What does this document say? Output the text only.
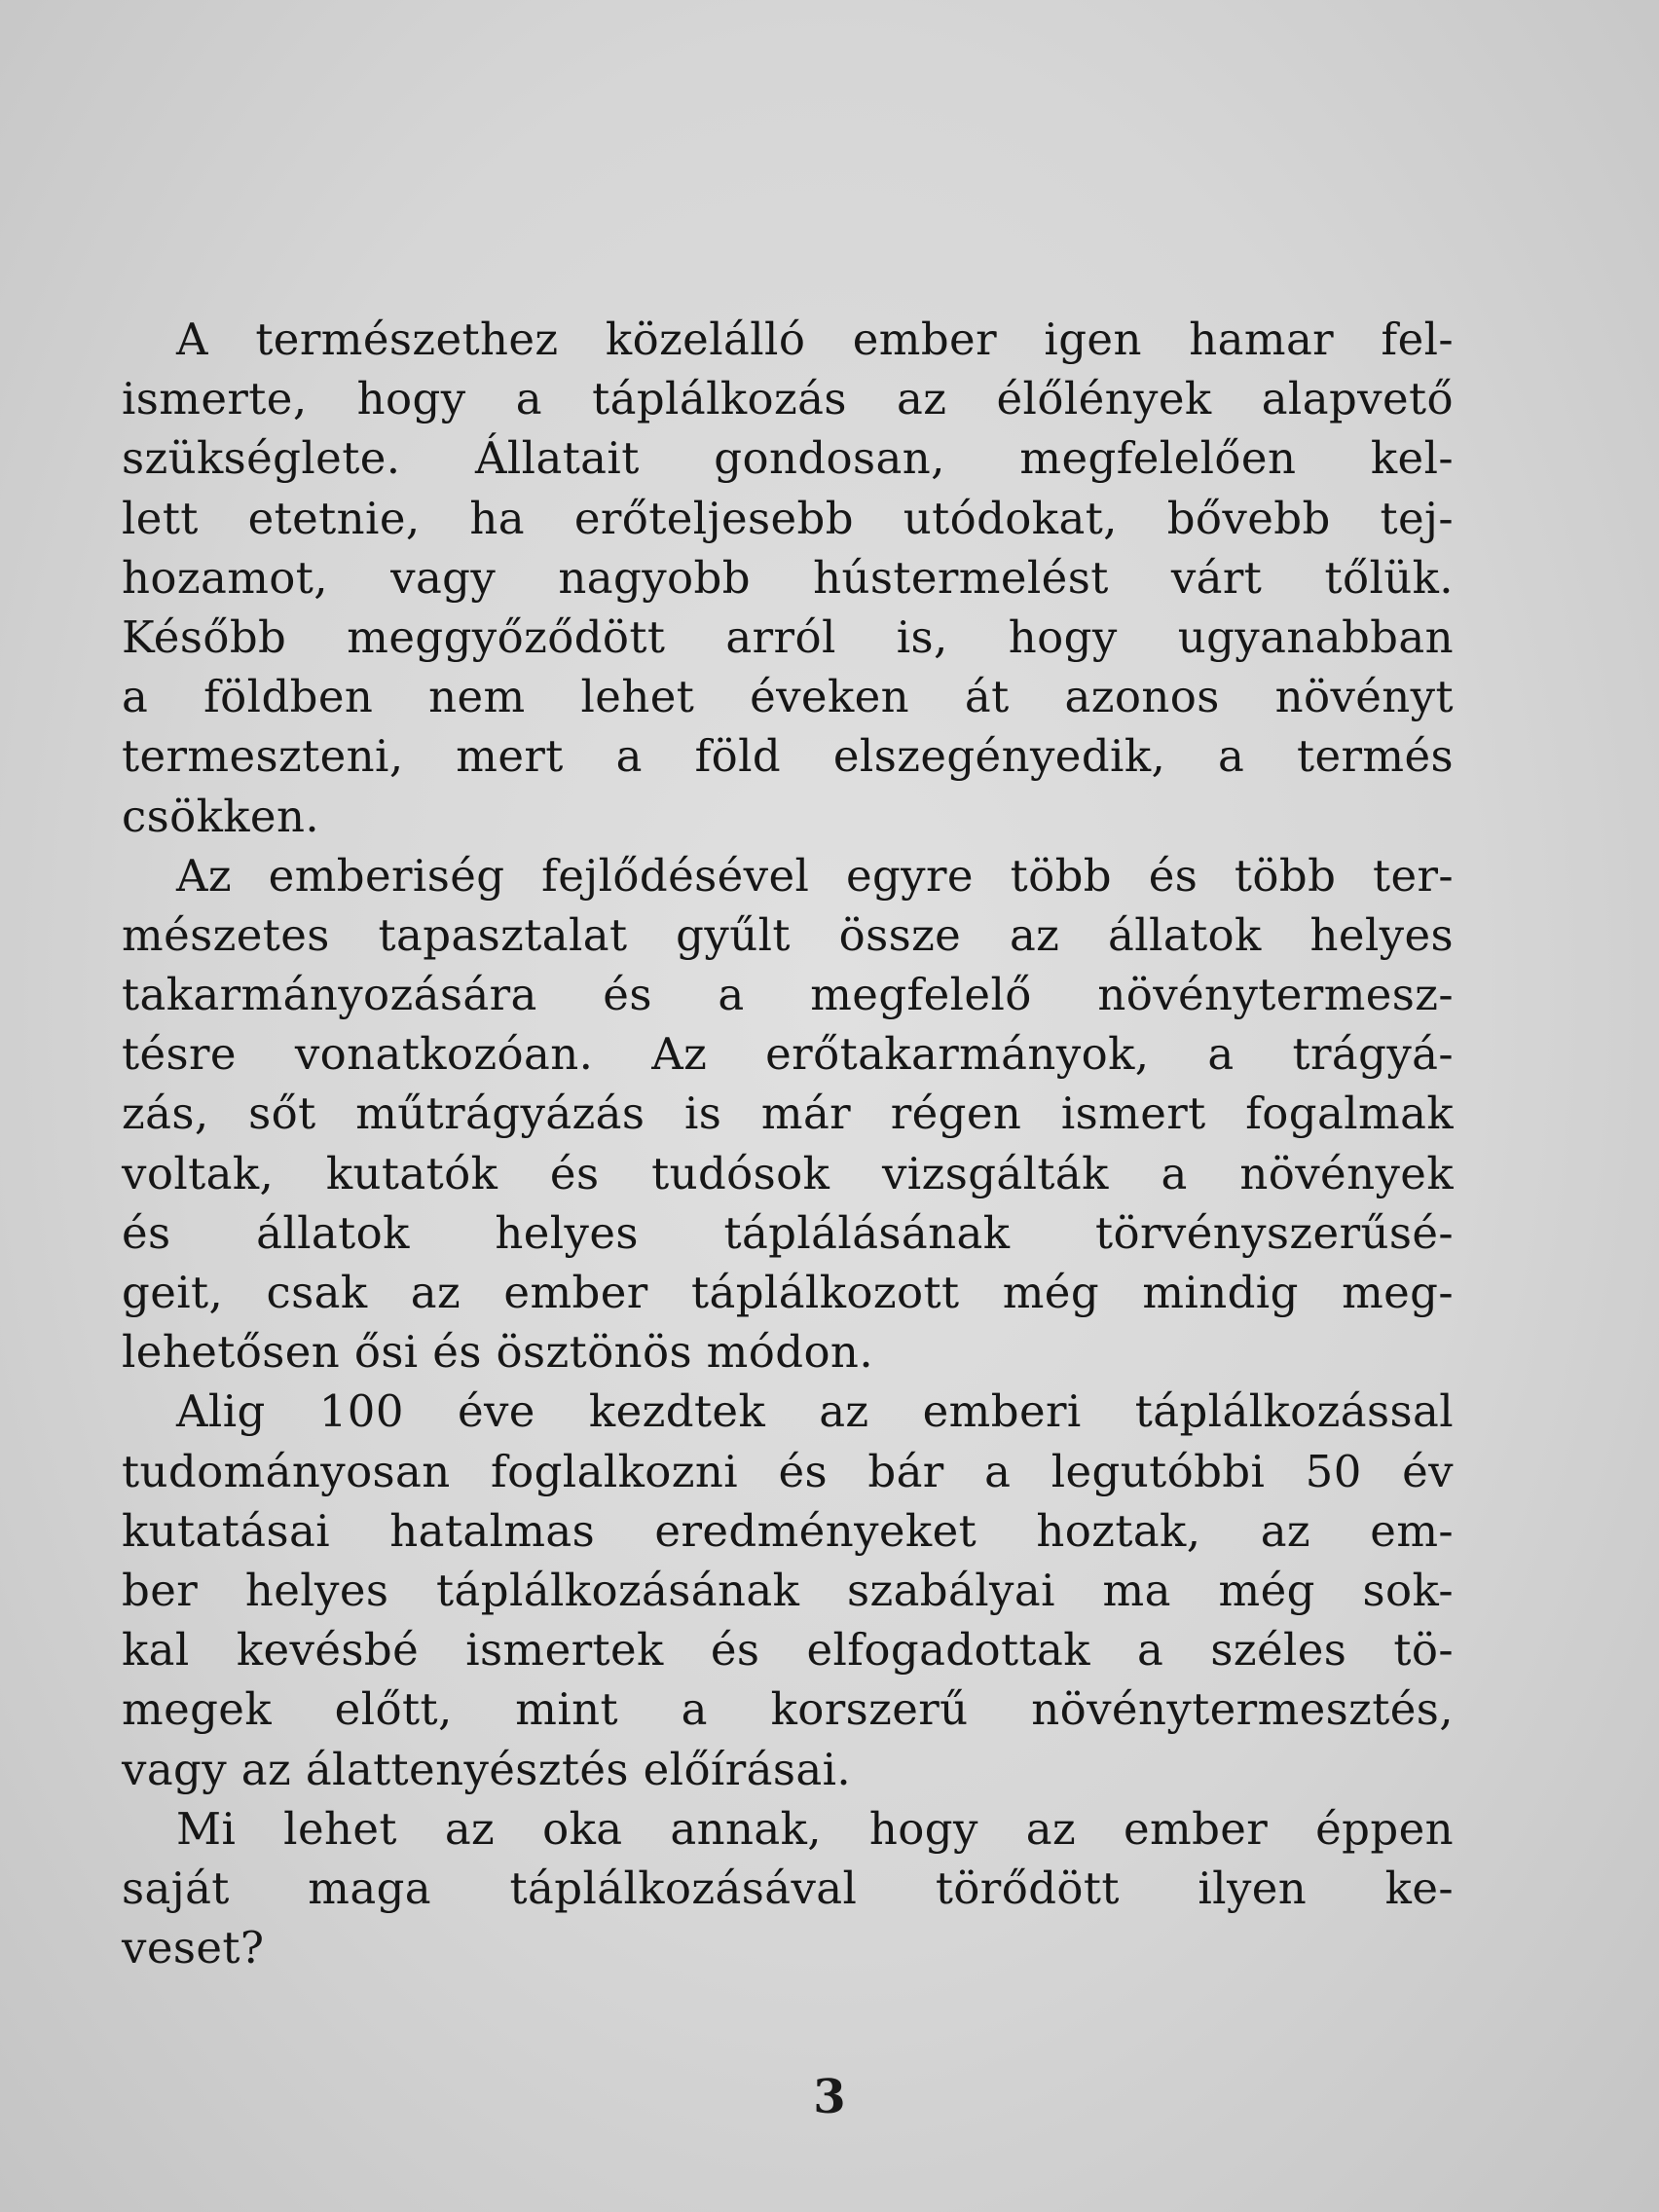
A természethez közelálló ember igen hamar fel-
ismerte, hogy a táplálkozás az élőlények alapvető
szükséglete. Állatait gondosan, megfelelően kel-
lett etetnie, ha erőteljesebb utódokat, bővebb tej-
hozamot, vagy nagyobb hústermelést várt tőlük.
Később meggyőződött arról is, hogy ugyanabban
a földben nem lehet éveken át azonos növényt
termeszteni, mert a föld elszegényedik, a termés
csökken.
Az emberiség fejlődésével egyre több és több ter-
mészetes tapasztalat gyűlt össze az állatok helyes
takarmányozására és a megfelelő növénytermesz-
tésre vonatkozóan. Az erőtakarmányok, a trágyá-
zás, sőt műtrágyázás is már régen ismert fogalmak
voltak, kutatók és tudósok vizsgálták a növények
és állatok helyes táplálásának törvényszerűsé-
geit, csak az ember táplálkozott még mindig meg-
lehetősen ősi és ösztönös módon.
Alig 100 éve kezdtek az emberi táplálkozással
tudományosan foglalkozni és bár a legutóbbi 50 év
kutatásai hatalmas eredményeket hoztak, az em-
ber helyes táplálkozásának szabályai ma még sok-
kal kevésbé ismertek és elfogadottak a széles tö-
megek előtt, mint a korszerű növénytermesztés,
vagy az álattenyésztés előírásai.
Mi lehet az oka annak, hogy az ember éppen
saját maga táplálkozásával törődött ilyen ke-
veset?
3
